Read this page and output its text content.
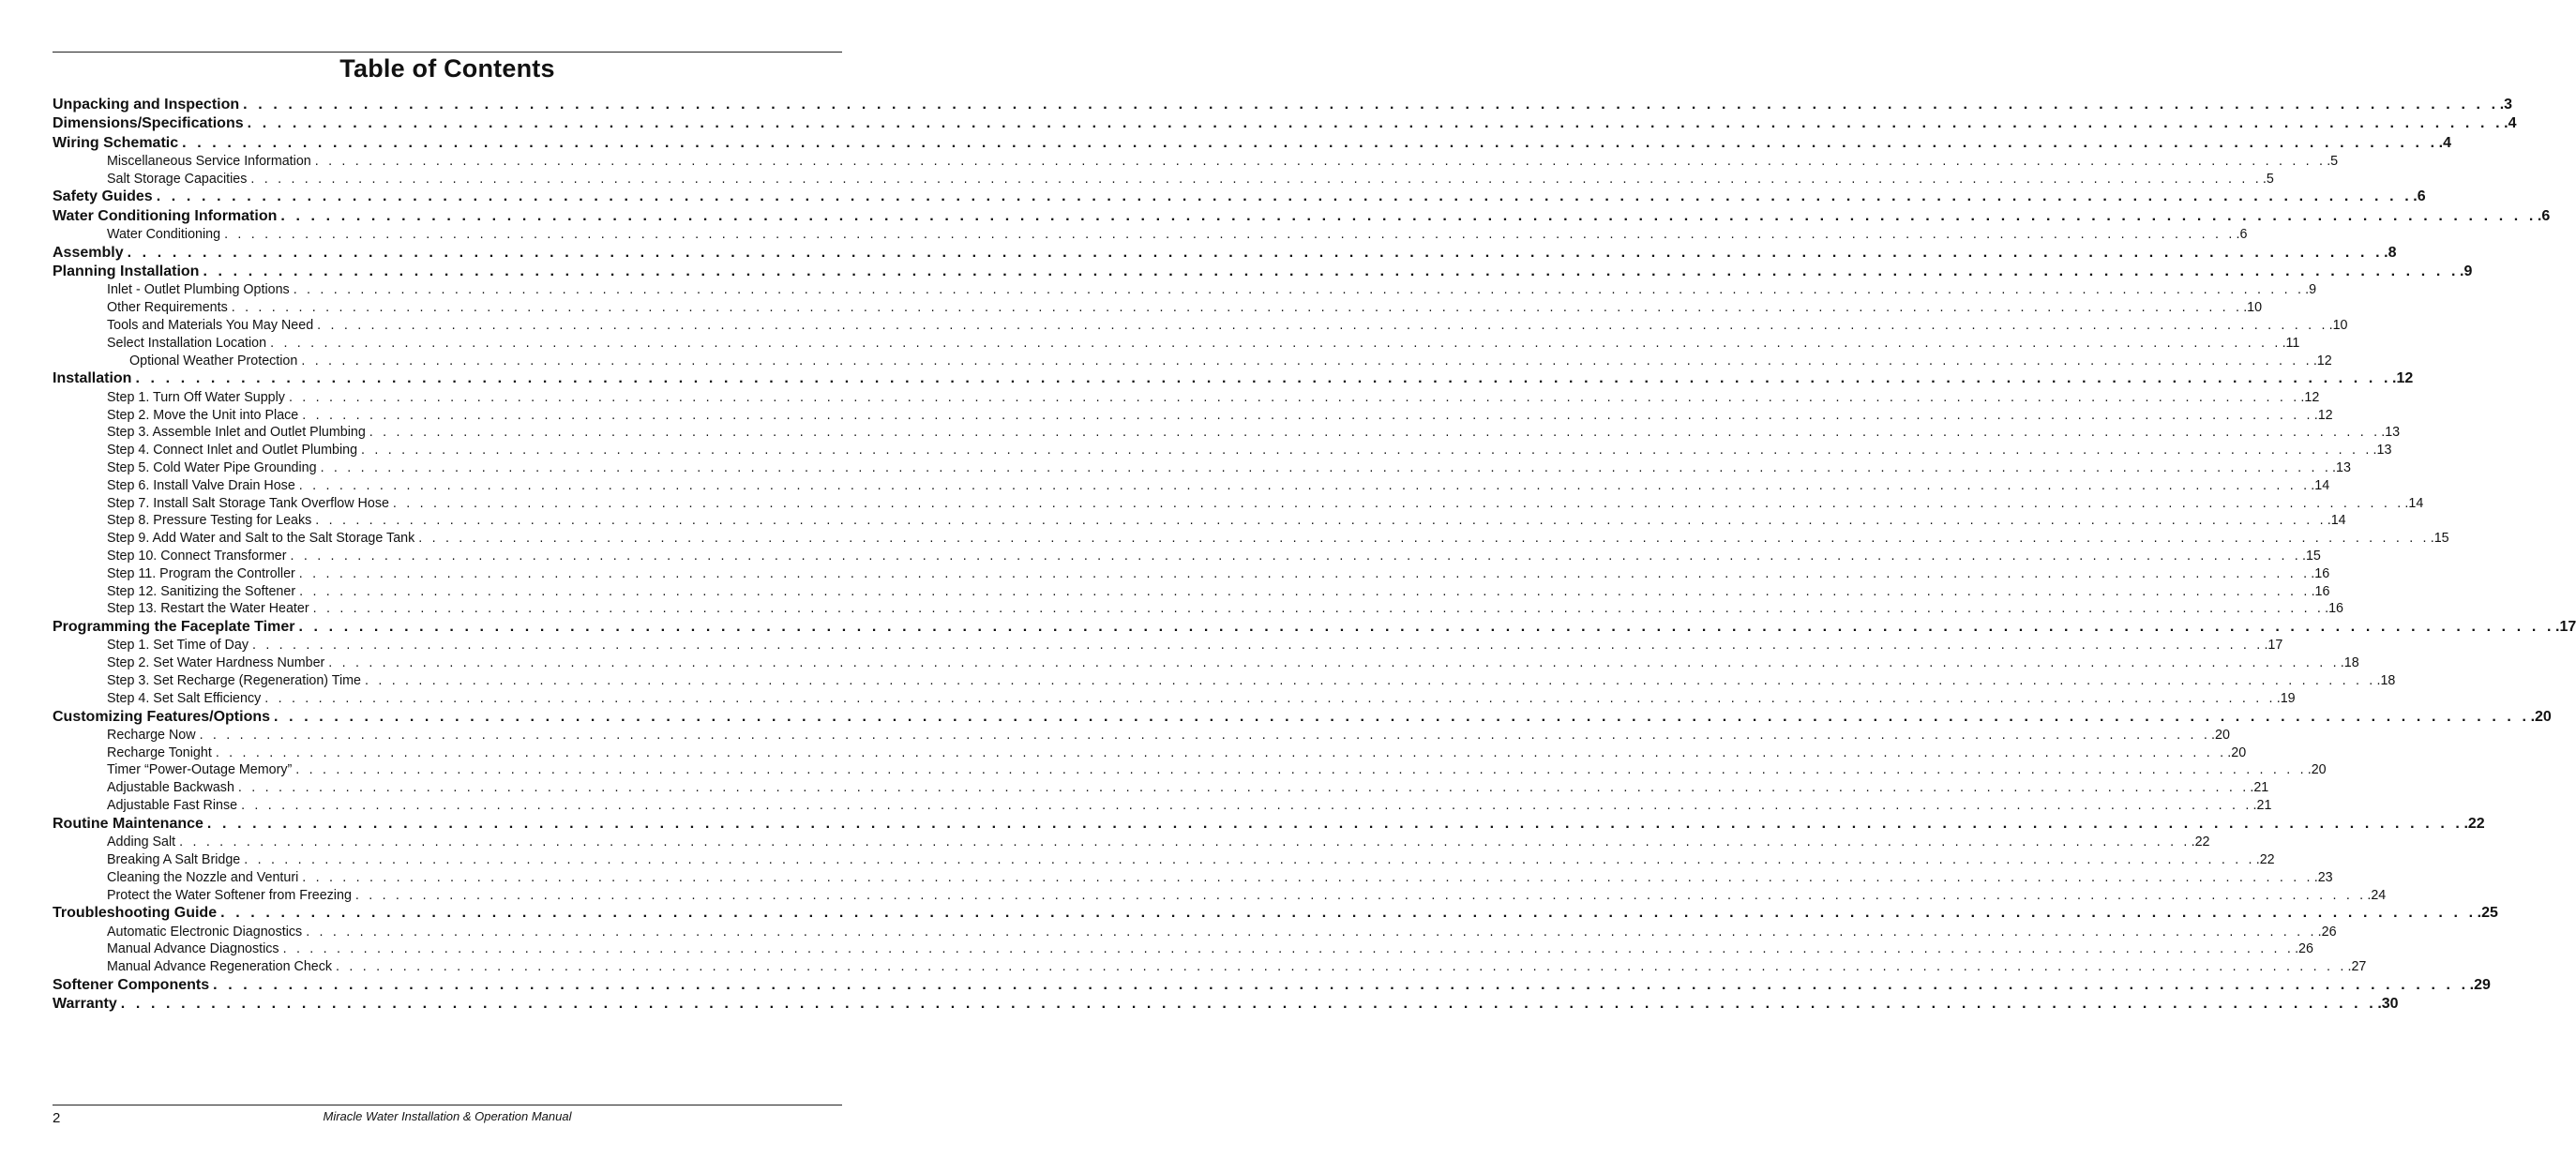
Table of Contents
Unpacking and Inspection . . . . . . . . . . . . . . . . . . . . . . . . . . . . . . . . . . . . . . . . . . . . . . . . . . . . . . . . . . . . . . . . . . . . . . . . . . . . . . . . . . . . . . . . . . . . . . . . . . . . . . . . . . . . . . . . . . . . . . . . . . . . . . . . . . . . . . . . . . . . . . . . . . . . . . .3
Dimensions/Specifications . . . . . . . . . . . . . . . . . . . . . . . . . . . . . . . . . . . . . . . . . . . . . . . . . . . . . . . . . . . . . . . . . . . . . . . . . . . . . . . . . . . . . . . . . . . . . . . . . . . . . . . . . . . . . . . . . . . . . . . . . . . . . . . . . . . . . . . . . . . . . . . . . . . . . . .4
Wiring Schematic . . . . . . . . . . . . . . . . . . . . . . . . . . . . . . . . . . . . . . . . . . . . . . . . . . . . . . . . . . . . . . . . . . . . . . . . . . . . . . . . . . . . . . . . . . . . . . . . . . . . . . . . . . . . . . . . . . . . . . . . . . . . . . . . . . . . . . . . . . . . . . . . . . . . . . .4
Miscellaneous Service Information . . . . . . . . . . . . . . . . . . . . . . . . . . . . . . . . . . . . . . . . . . . . . . . . . . . . . . . . . . . . . . . . . . . . . . . . . . . . . . . . . . . . . . . . . . . . . . . . . . . . . . . . . . . . . . . . . . . . . . . . . . . . . . . . . . . . . . . . . . . . . . . . . . . . . . .5
Salt Storage Capacities . . . . . . . . . . . . . . . . . . . . . . . . . . . . . . . . . . . . . . . . . . . . . . . . . . . . . . . . . . . . . . . . . . . . . . . . . . . . . . . . . . . . . . . . . . . . . . . . . . . . . . . . . . . . . . . . . . . . . . . . . . . . . . . . . . . . . . . . . . . . . . . . . . . . . . .5
Safety Guides . . . . . . . . . . . . . . . . . . . . . . . . . . . . . . . . . . . . . . . . . . . . . . . . . . . . . . . . . . . . . . . . . . . . . . . . . . . . . . . . . . . . . . . . . . . . . . . . . . . . . . . . . . . . . . . . . . . . . . . . . . . . . . . . . . . . . . . . . . . . . . . . . . . . . . .6
Water Conditioning Information . . . . . . . . . . . . . . . . . . . . . . . . . . . . . . . . . . . . . . . . . . . . . . . . . . . . . . . . . . . . . . . . . . . . . . . . . . . . . . . . . . . . . . . . . . . . . . . . . . . . . . . . . . . . . . . . . . . . . . . . . . . . . . . . . . . . . . . . . . . . . . . . . . . . . . .6
Water Conditioning . . . . . . . . . . . . . . . . . . . . . . . . . . . . . . . . . . . . . . . . . . . . . . . . . . . . . . . . . . . . . . . . . . . . . . . . . . . . . . . . . . . . . . . . . . . . . . . . . . . . . . . . . . . . . . . . . . . . . . . . . . . . . . . . . . . . . . . . . . . . . . . . . . . . . . .6
Assembly . . . . . . . . . . . . . . . . . . . . . . . . . . . . . . . . . . . . . . . . . . . . . . . . . . . . . . . . . . . . . . . . . . . . . . . . . . . . . . . . . . . . . . . . . . . . . . . . . . . . . . . . . . . . . . . . . . . . . . . . . . . . . . . . . . . . . . . . . . . . . . . . . . . . . . .8
Planning Installation . . . . . . . . . . . . . . . . . . . . . . . . . . . . . . . . . . . . . . . . . . . . . . . . . . . . . . . . . . . . . . . . . . . . . . . . . . . . . . . . . . . . . . . . . . . . . . . . . . . . . . . . . . . . . . . . . . . . . . . . . . . . . . . . . . . . . . . . . . . . . . . . . . . . . . .9
Inlet - Outlet Plumbing Options . . . . . . . . . . . . . . . . . . . . . . . . . . . . . . . . . . . . . . . . . . . . . . . . . . . . . . . . . . . . . . . . . . . . . . . . . . . . . . . . . . . . . . . . . . . . . . . . . . . . . . . . . . . . . . . . . . . . . . . . . . . . . . . . . . . . . . . . . . . . . . . . . . . . . . .9
Other Requirements . . . . . . . . . . . . . . . . . . . . . . . . . . . . . . . . . . . . . . . . . . . . . . . . . . . . . . . . . . . . . . . . . . . . . . . . . . . . . . . . . . . . . . . . . . . . . . . . . . . . . . . . . . . . . . . . . . . . . . . . . . . . . . . . . . . . . . . . . . . . . . . . . . . . . . .10
Tools and Materials You May Need . . . . . . . . . . . . . . . . . . . . . . . . . . . . . . . . . . . . . . . . . . . . . . . . . . . . . . . . . . . . . . . . . . . . . . . . . . . . . . . . . . . . . . . . . . . . . . . . . . . . . . . . . . . . . . . . . . . . . . . . . . . . . . . . . . . . . . . . . . . . . . . . . . . . . . .10
Select Installation Location . . . . . . . . . . . . . . . . . . . . . . . . . . . . . . . . . . . . . . . . . . . . . . . . . . . . . . . . . . . . . . . . . . . . . . . . . . . . . . . . . . . . . . . . . . . . . . . . . . . . . . . . . . . . . . . . . . . . . . . . . . . . . . . . . . . . . . . . . . . . . . . . . . . . . . .11
Optional Weather Protection . . . . . . . . . . . . . . . . . . . . . . . . . . . . . . . . . . . . . . . . . . . . . . . . . . . . . . . . . . . . . . . . . . . . . . . . . . . . . . . . . . . . . . . . . . . . . . . . . . . . . . . . . . . . . . . . . . . . . . . . . . . . . . . . . . . . . . . . . . . . . . . . . . . . . . .12
Installation . . . . . . . . . . . . . . . . . . . . . . . . . . . . . . . . . . . . . . . . . . . . . . . . . . . . . . . . . . . . . . . . . . . . . . . . . . . . . . . . . . . . . . . . . . . . . . . . . . . . . . . . . . . . . . . . . . . . . . . . . . . . . . . . . . . . . . . . . . . . . . . . . . . . . . .12
Step 1. Turn Off Water Supply . . . . . . . . . . . . . . . . . . . . . . . . . . . . . . . . . . . . . . . . . . . . . . . . . . . . . . . . . . . . . . . . . . . . . . . . . . . . . . . . . . . . . . . . . . . . . . . . . . . . . . . . . . . . . . . . . . . . . . . . . . . . . . . . . . . . . . . . . . . . . . . . . . . . . . .12
Step 2. Move the Unit into Place . . . . . . . . . . . . . . . . . . . . . . . . . . . . . . . . . . . . . . . . . . . . . . . . . . . . . . . . . . . . . . . . . . . . . . . . . . . . . . . . . . . . . . . . . . . . . . . . . . . . . . . . . . . . . . . . . . . . . . . . . . . . . . . . . . . . . . . . . . . . . . . . . . . . . . .12
Step 3. Assemble Inlet and Outlet Plumbing . . . . . . . . . . . . . . . . . . . . . . . . . . . . . . . . . . . . . . . . . . . . . . . . . . . . . . . . . . . . . . . . . . . . . . . . . . . . . . . . . . . . . . . . . . . . . . . . . . . . . . . . . . . . . . . . . . . . . . . . . . . . . . . . . . . . . . . . . . . . . . . . . . . . . . .13
Step 4. Connect Inlet and Outlet Plumbing . . . . . . . . . . . . . . . . . . . . . . . . . . . . . . . . . . . . . . . . . . . . . . . . . . . . . . . . . . . . . . . . . . . . . . . . . . . . . . . . . . . . . . . . . . . . . . . . . . . . . . . . . . . . . . . . . . . . . . . . . . . . . . . . . . . . . . . . . . . . . . . . . . . . . . .13
Step 5. Cold Water Pipe Grounding . . . . . . . . . . . . . . . . . . . . . . . . . . . . . . . . . . . . . . . . . . . . . . . . . . . . . . . . . . . . . . . . . . . . . . . . . . . . . . . . . . . . . . . . . . . . . . . . . . . . . . . . . . . . . . . . . . . . . . . . . . . . . . . . . . . . . . . . . . . . . . . . . . . . . . .13
Step 6. Install Valve Drain Hose . . . . . . . . . . . . . . . . . . . . . . . . . . . . . . . . . . . . . . . . . . . . . . . . . . . . . . . . . . . . . . . . . . . . . . . . . . . . . . . . . . . . . . . . . . . . . . . . . . . . . . . . . . . . . . . . . . . . . . . . . . . . . . . . . . . . . . . . . . . . . . . . . . . . . . .14
Step 7. Install Salt Storage Tank Overflow Hose . . . . . . . . . . . . . . . . . . . . . . . . . . . . . . . . . . . . . . . . . . . . . . . . . . . . . . . . . . . . . . . . . . . . . . . . . . . . . . . . . . . . . . . . . . . . . . . . . . . . . . . . . . . . . . . . . . . . . . . . . . . . . . . . . . . . . . . . . . . . . . . . . . . . . . .14
Step 8. Pressure Testing for Leaks . . . . . . . . . . . . . . . . . . . . . . . . . . . . . . . . . . . . . . . . . . . . . . . . . . . . . . . . . . . . . . . . . . . . . . . . . . . . . . . . . . . . . . . . . . . . . . . . . . . . . . . . . . . . . . . . . . . . . . . . . . . . . . . . . . . . . . . . . . . . . . . . . . . . . . .14
Step 9. Add Water and Salt to the Salt Storage Tank . . . . . . . . . . . . . . . . . . . . . . . . . . . . . . . . . . . . . . . . . . . . . . . . . . . . . . . . . . . . . . . . . . . . . . . . . . . . . . . . . . . . . . . . . . . . . . . . . . . . . . . . . . . . . . . . . . . . . . . . . . . . . . . . . . . . . . . . . . . . . . . . . . . . . . .15
Step 10. Connect Transformer . . . . . . . . . . . . . . . . . . . . . . . . . . . . . . . . . . . . . . . . . . . . . . . . . . . . . . . . . . . . . . . . . . . . . . . . . . . . . . . . . . . . . . . . . . . . . . . . . . . . . . . . . . . . . . . . . . . . . . . . . . . . . . . . . . . . . . . . . . . . . . . . . . . . . . .15
Step 11. Program the Controller . . . . . . . . . . . . . . . . . . . . . . . . . . . . . . . . . . . . . . . . . . . . . . . . . . . . . . . . . . . . . . . . . . . . . . . . . . . . . . . . . . . . . . . . . . . . . . . . . . . . . . . . . . . . . . . . . . . . . . . . . . . . . . . . . . . . . . . . . . . . . . . . . . . . . . .16
Step 12. Sanitizing the Softener . . . . . . . . . . . . . . . . . . . . . . . . . . . . . . . . . . . . . . . . . . . . . . . . . . . . . . . . . . . . . . . . . . . . . . . . . . . . . . . . . . . . . . . . . . . . . . . . . . . . . . . . . . . . . . . . . . . . . . . . . . . . . . . . . . . . . . . . . . . . . . . . . . . . . . .16
Step 13. Restart the Water Heater . . . . . . . . . . . . . . . . . . . . . . . . . . . . . . . . . . . . . . . . . . . . . . . . . . . . . . . . . . . . . . . . . . . . . . . . . . . . . . . . . . . . . . . . . . . . . . . . . . . . . . . . . . . . . . . . . . . . . . . . . . . . . . . . . . . . . . . . . . . . . . . . . . . . . . .16
Programming the Faceplate Timer . . . . . . . . . . . . . . . . . . . . . . . . . . . . . . . . . . . . . . . . . . . . . . . . . . . . . . . . . . . . . . . . . . . . . . . . . . . . . . . . . . . . . . . . . . . . . . . . . . . . . . . . . . . . . . . . . . . . . . . . . . . . . . . . . . . . . . . . . . . . . . . . . . . . . . .17
Step 1. Set Time of Day . . . . . . . . . . . . . . . . . . . . . . . . . . . . . . . . . . . . . . . . . . . . . . . . . . . . . . . . . . . . . . . . . . . . . . . . . . . . . . . . . . . . . . . . . . . . . . . . . . . . . . . . . . . . . . . . . . . . . . . . . . . . . . . . . . . . . . . . . . . . . . . . . . . . . . .17
Step 2. Set Water Hardness Number . . . . . . . . . . . . . . . . . . . . . . . . . . . . . . . . . . . . . . . . . . . . . . . . . . . . . . . . . . . . . . . . . . . . . . . . . . . . . . . . . . . . . . . . . . . . . . . . . . . . . . . . . . . . . . . . . . . . . . . . . . . . . . . . . . . . . . . . . . . . . . . . . . . . . . .18
Step 3. Set Recharge (Regeneration) Time . . . . . . . . . . . . . . . . . . . . . . . . . . . . . . . . . . . . . . . . . . . . . . . . . . . . . . . . . . . . . . . . . . . . . . . . . . . . . . . . . . . . . . . . . . . . . . . . . . . . . . . . . . . . . . . . . . . . . . . . . . . . . . . . . . . . . . . . . . . . . . . . . . . . . . .18
Step 4. Set Salt Efficiency . . . . . . . . . . . . . . . . . . . . . . . . . . . . . . . . . . . . . . . . . . . . . . . . . . . . . . . . . . . . . . . . . . . . . . . . . . . . . . . . . . . . . . . . . . . . . . . . . . . . . . . . . . . . . . . . . . . . . . . . . . . . . . . . . . . . . . . . . . . . . . . . . . . . . . .19
Customizing Features/Options . . . . . . . . . . . . . . . . . . . . . . . . . . . . . . . . . . . . . . . . . . . . . . . . . . . . . . . . . . . . . . . . . . . . . . . . . . . . . . . . . . . . . . . . . . . . . . . . . . . . . . . . . . . . . . . . . . . . . . . . . . . . . . . . . . . . . . . . . . . . . . . . . . . . . . .20
Recharge Now . . . . . . . . . . . . . . . . . . . . . . . . . . . . . . . . . . . . . . . . . . . . . . . . . . . . . . . . . . . . . . . . . . . . . . . . . . . . . . . . . . . . . . . . . . . . . . . . . . . . . . . . . . . . . . . . . . . . . . . . . . . . . . . . . . . . . . . . . . . . . . . . . . . . . . .20
Recharge Tonight . . . . . . . . . . . . . . . . . . . . . . . . . . . . . . . . . . . . . . . . . . . . . . . . . . . . . . . . . . . . . . . . . . . . . . . . . . . . . . . . . . . . . . . . . . . . . . . . . . . . . . . . . . . . . . . . . . . . . . . . . . . . . . . . . . . . . . . . . . . . . . . . . . . . . . .20
Timer “Power-Outage Memory” . . . . . . . . . . . . . . . . . . . . . . . . . . . . . . . . . . . . . . . . . . . . . . . . . . . . . . . . . . . . . . . . . . . . . . . . . . . . . . . . . . . . . . . . . . . . . . . . . . . . . . . . . . . . . . . . . . . . . . . . . . . . . . . . . . . . . . . . . . . . . . . . . . . . . . .20
Adjustable Backwash . . . . . . . . . . . . . . . . . . . . . . . . . . . . . . . . . . . . . . . . . . . . . . . . . . . . . . . . . . . . . . . . . . . . . . . . . . . . . . . . . . . . . . . . . . . . . . . . . . . . . . . . . . . . . . . . . . . . . . . . . . . . . . . . . . . . . . . . . . . . . . . . . . . . . . .21
Adjustable Fast Rinse . . . . . . . . . . . . . . . . . . . . . . . . . . . . . . . . . . . . . . . . . . . . . . . . . . . . . . . . . . . . . . . . . . . . . . . . . . . . . . . . . . . . . . . . . . . . . . . . . . . . . . . . . . . . . . . . . . . . . . . . . . . . . . . . . . . . . . . . . . . . . . . . . . . . . . .21
Routine Maintenance . . . . . . . . . . . . . . . . . . . . . . . . . . . . . . . . . . . . . . . . . . . . . . . . . . . . . . . . . . . . . . . . . . . . . . . . . . . . . . . . . . . . . . . . . . . . . . . . . . . . . . . . . . . . . . . . . . . . . . . . . . . . . . . . . . . . . . . . . . . . . . . . . . . . . . .22
Adding Salt . . . . . . . . . . . . . . . . . . . . . . . . . . . . . . . . . . . . . . . . . . . . . . . . . . . . . . . . . . . . . . . . . . . . . . . . . . . . . . . . . . . . . . . . . . . . . . . . . . . . . . . . . . . . . . . . . . . . . . . . . . . . . . . . . . . . . . . . . . . . . . . . . . . . . . .22
Breaking A Salt Bridge . . . . . . . . . . . . . . . . . . . . . . . . . . . . . . . . . . . . . . . . . . . . . . . . . . . . . . . . . . . . . . . . . . . . . . . . . . . . . . . . . . . . . . . . . . . . . . . . . . . . . . . . . . . . . . . . . . . . . . . . . . . . . . . . . . . . . . . . . . . . . . . . . . . . . . .22
Cleaning the Nozzle and Venturi . . . . . . . . . . . . . . . . . . . . . . . . . . . . . . . . . . . . . . . . . . . . . . . . . . . . . . . . . . . . . . . . . . . . . . . . . . . . . . . . . . . . . . . . . . . . . . . . . . . . . . . . . . . . . . . . . . . . . . . . . . . . . . . . . . . . . . . . . . . . . . . . . . . . . . .23
Protect the Water Softener from Freezing . . . . . . . . . . . . . . . . . . . . . . . . . . . . . . . . . . . . . . . . . . . . . . . . . . . . . . . . . . . . . . . . . . . . . . . . . . . . . . . . . . . . . . . . . . . . . . . . . . . . . . . . . . . . . . . . . . . . . . . . . . . . . . . . . . . . . . . . . . . . . . . . . . . . . . .24
Troubleshooting Guide . . . . . . . . . . . . . . . . . . . . . . . . . . . . . . . . . . . . . . . . . . . . . . . . . . . . . . . . . . . . . . . . . . . . . . . . . . . . . . . . . . . . . . . . . . . . . . . . . . . . . . . . . . . . . . . . . . . . . . . . . . . . . . . . . . . . . . . . . . . . . . . . . . . . . . .25
Automatic Electronic Diagnostics . . . . . . . . . . . . . . . . . . . . . . . . . . . . . . . . . . . . . . . . . . . . . . . . . . . . . . . . . . . . . . . . . . . . . . . . . . . . . . . . . . . . . . . . . . . . . . . . . . . . . . . . . . . . . . . . . . . . . . . . . . . . . . . . . . . . . . . . . . . . . . . . . . . . . . .26
Manual Advance Diagnostics . . . . . . . . . . . . . . . . . . . . . . . . . . . . . . . . . . . . . . . . . . . . . . . . . . . . . . . . . . . . . . . . . . . . . . . . . . . . . . . . . . . . . . . . . . . . . . . . . . . . . . . . . . . . . . . . . . . . . . . . . . . . . . . . . . . . . . . . . . . . . . . . . . . . . . .26
Manual Advance Regeneration Check . . . . . . . . . . . . . . . . . . . . . . . . . . . . . . . . . . . . . . . . . . . . . . . . . . . . . . . . . . . . . . . . . . . . . . . . . . . . . . . . . . . . . . . . . . . . . . . . . . . . . . . . . . . . . . . . . . . . . . . . . . . . . . . . . . . . . . . . . . . . . . . . . . . . . . .27
Softener Components . . . . . . . . . . . . . . . . . . . . . . . . . . . . . . . . . . . . . . . . . . . . . . . . . . . . . . . . . . . . . . . . . . . . . . . . . . . . . . . . . . . . . . . . . . . . . . . . . . . . . . . . . . . . . . . . . . . . . . . . . . . . . . . . . . . . . . . . . . . . . . . . . . . . . . .29
Warranty . . . . . . . . . . . . . . . . . . . . . . . . . . . . . . . . . . . . . . . . . . . . . . . . . . . . . . . . . . . . . . . . . . . . . . . . . . . . . . . . . . . . . . . . . . . . . . . . . . . . . . . . . . . . . . . . . . . . . . . . . . . . . . . . . . . . . . . . . . . . . . . . . . . . . . .30
2	Miracle Water Installation & Operation Manual
